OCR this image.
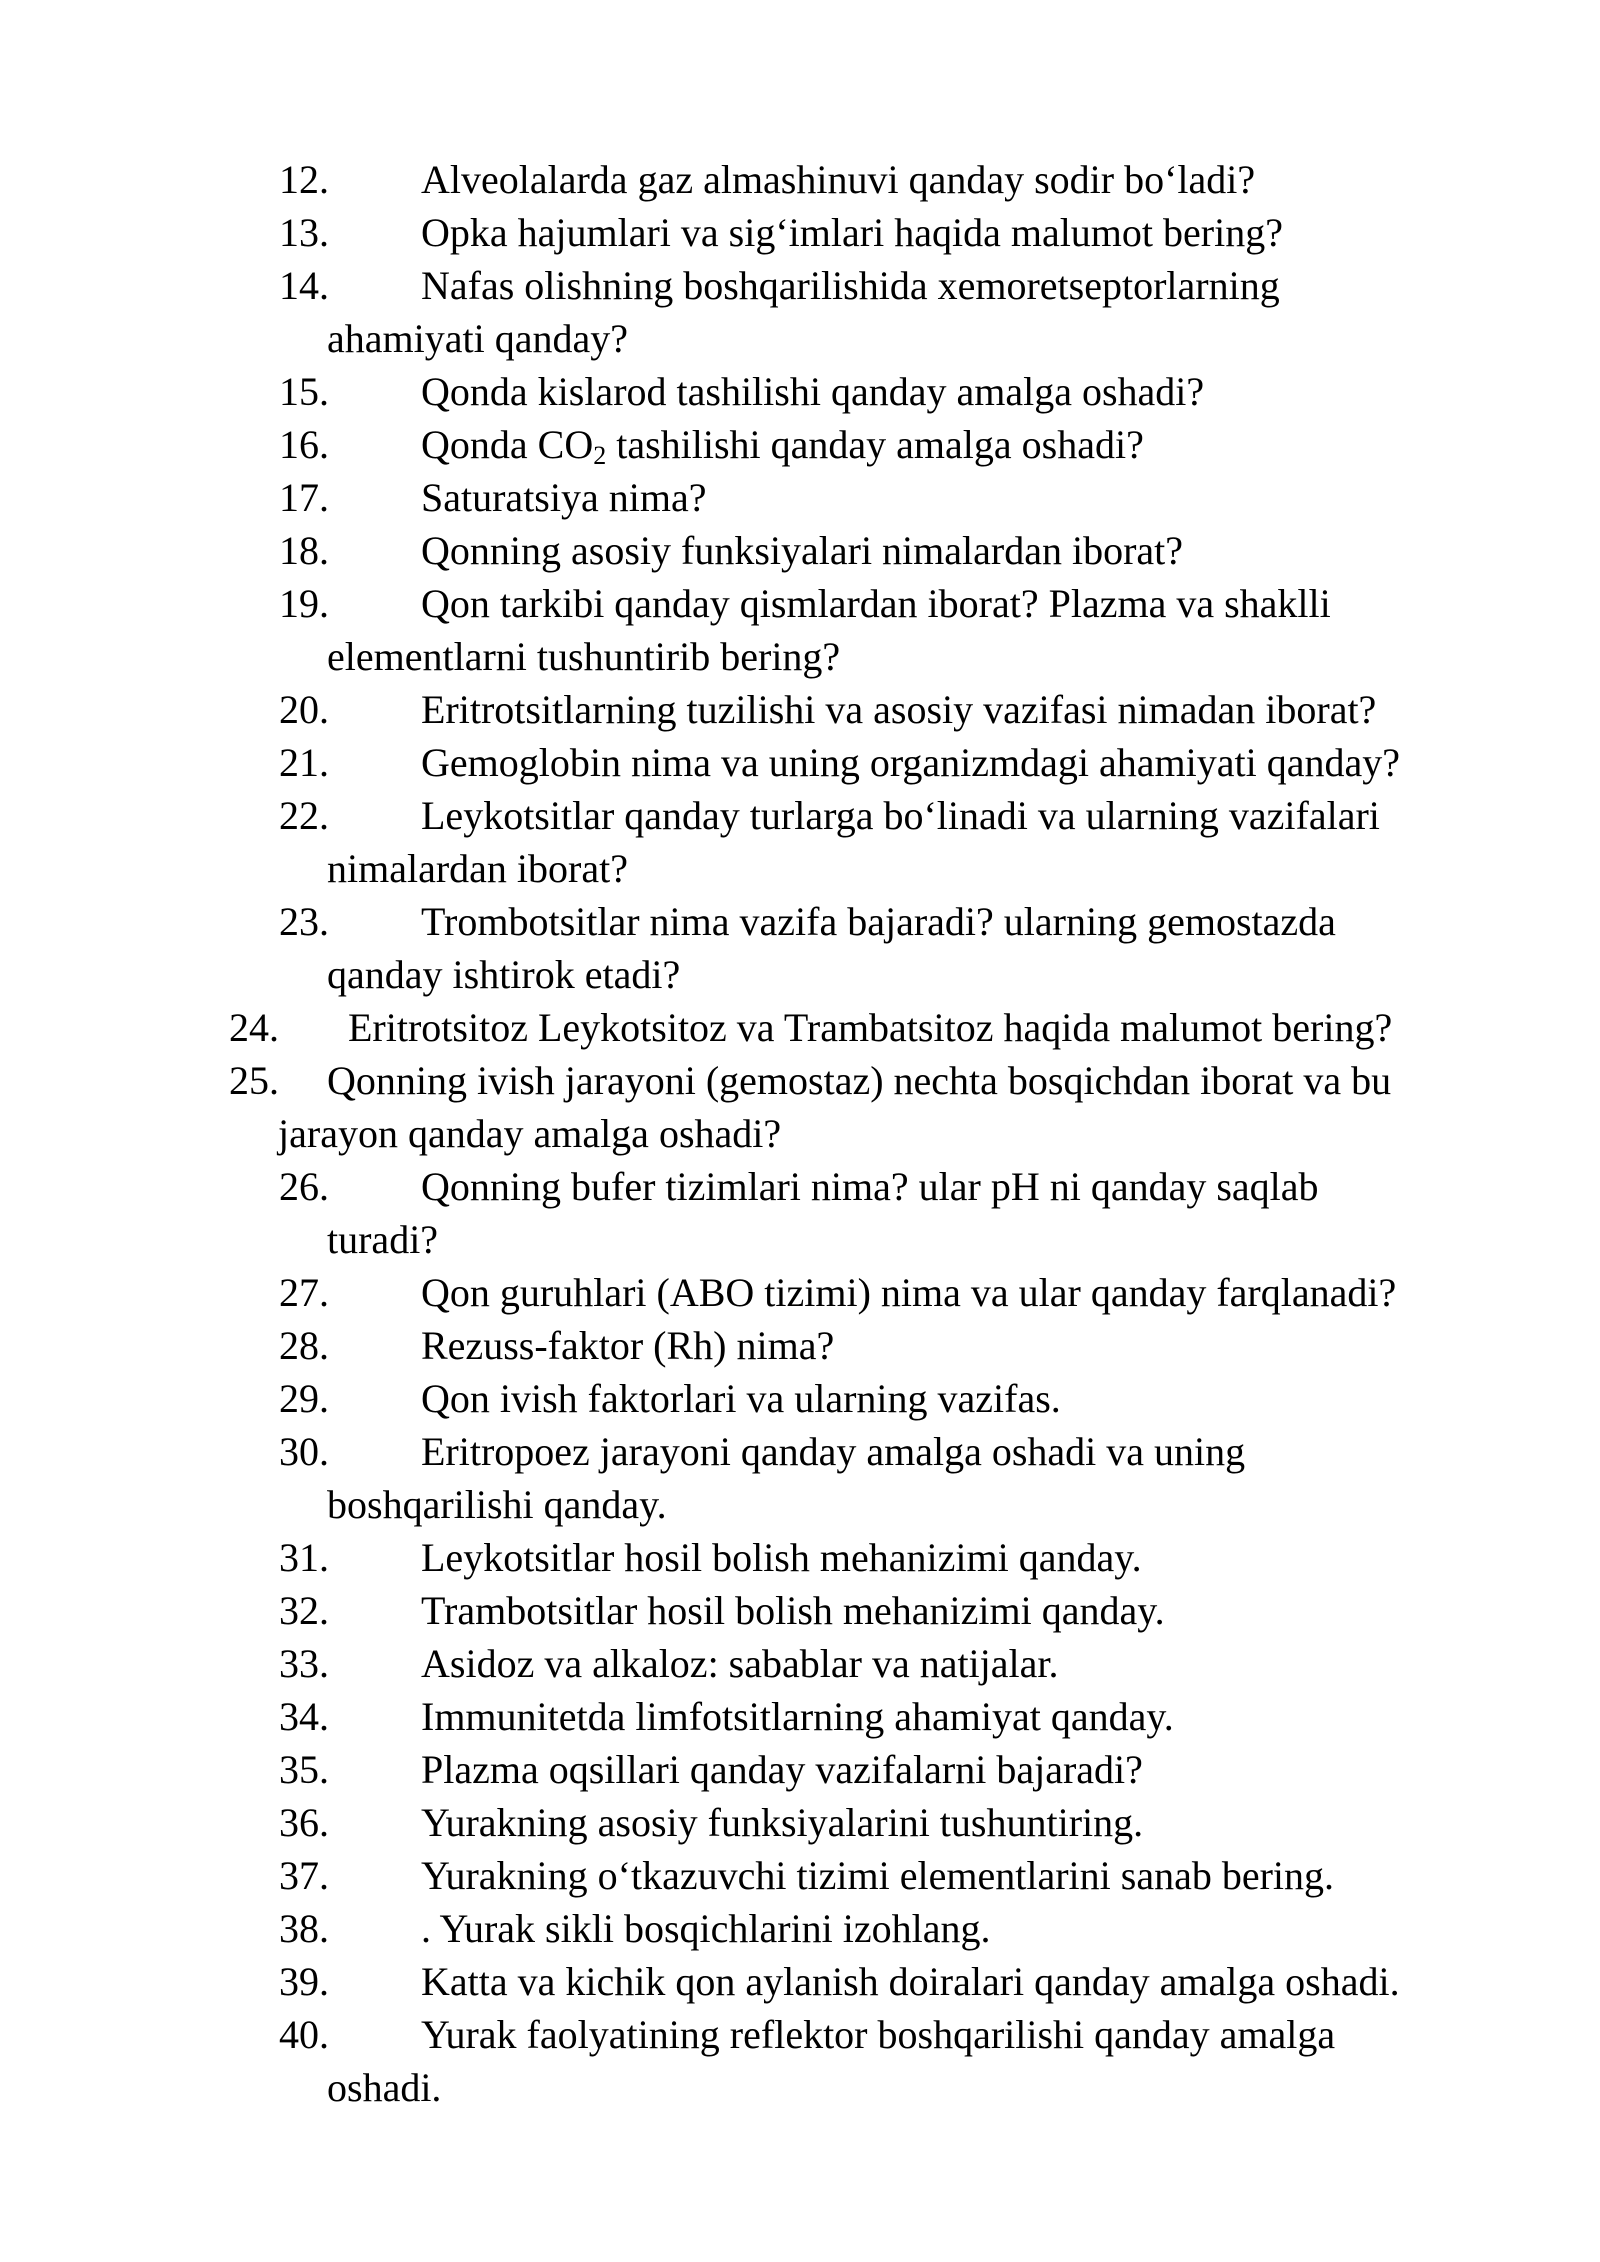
12. Alveolalarda gaz almashinuvi qanday sodir bo‘ladi?
13. Opka hajumlari va sig‘imlari haqida malumot bering?
14. Nafas olishning boshqarilishida xemoretseptorlarning
ahamiyati qanday?
15. Qonda kislarod tashilishi qanday amalga oshadi?
16. Qonda $CO_2$ tashilishi qanday amalga oshadi?
17. Saturatsiya nima?
18. Qonning asosiy funksiyalari nimalardan iborat?
19. Qon tarkibi qanday qismlardan iborat? Plazma va shaklli
elementlarni tushuntirib bering?
20. Eritrotsitlarning tuzilishi va asosiy vazifasi nimadan iborat?
21. Gemoglobin nima va uning organizmdagi ahamiyati qanday?
22. Leykotsitlar qanday turlarga bo‘linadi va ularning vazifalari
nimalardan iborat?
23. Trombotsitlar nima vazifa bajaradi? ularning gemostazda
qanday ishtirok etadi?
24. Eritrotsitoz Leykotsitoz va Trambatsitoz haqida malumot bering?
25. Qonning ivish jarayoni (gemostaz) nechta bosqichdan iborat va bu
jarayon qanday amalga oshadi?
26. Qonning bufer tizimlari nima? ular pH ni qanday saqlab
turadi?
27. Qon guruhlari (ABO tizimi) nima va ular qanday farqlanadi?
28. Rezuss-faktor (Rh) nima?
29. Qon ivish faktorlari va ularning vazifas.
30. Eritropoez jarayoni qanday amalga oshadi va uning
boshqarilishi qanday.
31. Leykotsitlar hosil bolish mehanizimi qanday.
32. Trambotsitlar hosil bolish mehanizimi qanday.
33. Asidoz va alkaloz: sabablar va natijalar.
34. Immunitetda limfotsitlarning ahamiyat qanday.
35. Plazma oqsillari qanday vazifalarni bajaradi?
36. Yurakning asosiy funksiyalarini tushuntiring.
37. Yurakning o‘tkazuvchi tizimi elementlarini sanab bering.
38. . Yurak sikli bosqichlarini izohlang.
39. Katta va kichik qon aylanish doiralari qanday amalga oshadi.
40. Yurak faolyatining reflektor boshqarilishi qanday amalga
oshadi.
